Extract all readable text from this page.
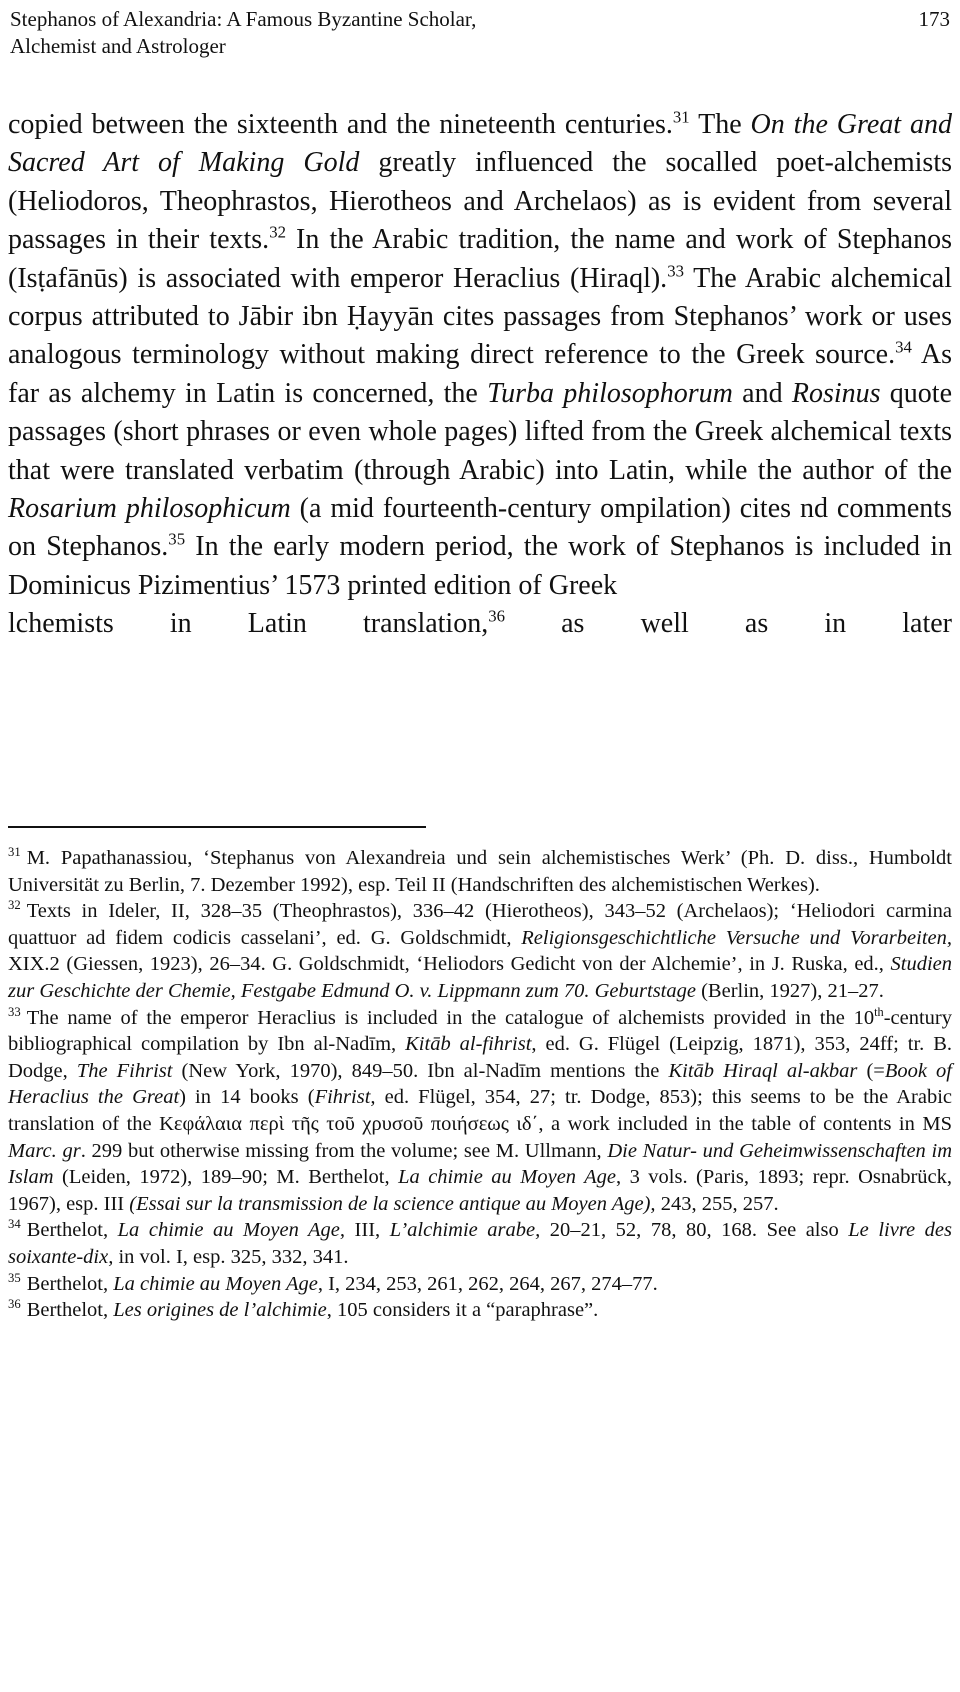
Stephanos of Alexandria: A Famous Byzantine Scholar,
Alchemist and Astrologer
173
copied between the sixteenth and the nineteenth centuries.$^{31}$ The On the Great and Sacred Art of Making Gold greatly influenced the socalled poet-alchemists (Heliodoros, Theophrastos, Hierotheos and Archelaos) as is evident from several passages in their texts.$^{32}$ In the Arabic tradition, the name and work of Stephanos (Isṭafānūs) is associated with emperor Heraclius (Hiraql).$^{33}$ The Arabic alchemical corpus attributed to Jābir ibn Ḥayyān cites passages from Stephanos’ work or uses analogous terminology without making direct reference to the Greek source.$^{34}$ As far as alchemy in Latin is concerned, the Turba philosophorum and Rosinus quote passages (short phrases or even whole pages) lifted from the Greek alchemical texts that were translated verbatim (through Arabic) into Latin, while the author of the Rosarium philosophicum (a mid fourteenth-century ompilation) cites nd comments on Stephanos.$^{35}$ In the early modern period, the work of Stephanos is included in Dominicus Pizimentius’ 1573 printed edition of Greek
lchemists in Latin translation,$^{36}$ as well as in later

$^{31}$ M. Papathanassiou, ‘Stephanus von Alexandreia und sein alchemistisches Werk’ (Ph. D. diss., Humboldt Universität zu Berlin, 7. Dezember 1992), esp. Teil II (Handschriften des alchemistischen Werkes).

$^{32}$ Texts in Ideler, II, 328–35 (Theophrastos), 336–42 (Hierotheos), 343–52 (Archelaos); ‘Heliodori carmina quattuor ad fidem codicis casselani’, ed. G. Goldschmidt, Religionsgeschichtliche Versuche und Vorarbeiten, XIX.2 (Giessen, 1923), 26–34. G. Goldschmidt, ‘Heliodors Gedicht von der Alchemie’, in J. Ruska, ed., Studien zur Geschichte der Chemie, Festgabe Edmund O. v. Lippmann zum 70. Geburtstage (Berlin, 1927), 21–27.

$^{33}$ The name of the emperor Heraclius is included in the catalogue of alchemists provided in the 10th-century bibliographical compilation by Ibn al-Nadīm, Kitāb al-fihrist, ed. G. Flügel (Leipzig, 1871), 353, 24ff; tr. B. Dodge, The Fihrist (New York, 1970), 849–50. Ibn al-Nadīm mentions the Kitāb Hiraql al-akbar (=Book of Heraclius the Great) in 14 books (Fihrist, ed. Flügel, 354, 27; tr. Dodge, 853); this seems to be the Arabic translation of the Κεφάλαια περὶ τῆς τοῦ χρυσοῦ ποιήσεως ιδ΄, a work included in the table of contents in MS Marc. gr. 299 but otherwise missing from the volume; see M. Ullmann, Die Natur- und Geheimwissenschaften im Islam (Leiden, 1972), 189–90; M. Berthelot, La chimie au Moyen Age, 3 vols. (Paris, 1893; repr. Osnabrück, 1967), esp. III (Essai sur la transmission de la science antique au Moyen Age), 243, 255, 257.

$^{34}$ Berthelot, La chimie au Moyen Age, III, L’alchimie arabe, 20–21, 52, 78, 80, 168. See also Le livre des soixante-dix, in vol. I, esp. 325, 332, 341.

$^{35}$ Berthelot, La chimie au Moyen Age, I, 234, 253, 261, 262, 264, 267, 274–77.

$^{36}$ Berthelot, Les origines de l’alchimie, 105 considers it a “paraphrase”.
